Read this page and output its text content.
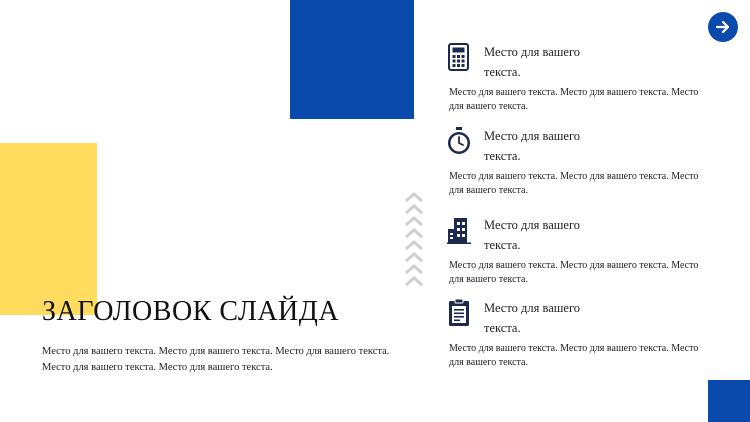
ЗАГОЛОВОК СЛАЙДА

Место для вашего текста. Место для вашего текста. Место для вашего текста. Место для вашего текста. Место для вашего текста.

Место для вашего текста.

Место для вашего текста. Место для вашего текста. Место для вашего текста.

Место для вашего текста.

Место для вашего текста. Место для вашего текста. Место для вашего текста.

Место для вашего текста.

Место для вашего текста. Место для вашего текста. Место для вашего текста.

Место для вашего текста.

Место для вашего текста. Место для вашего текста. Место для вашего текста.
